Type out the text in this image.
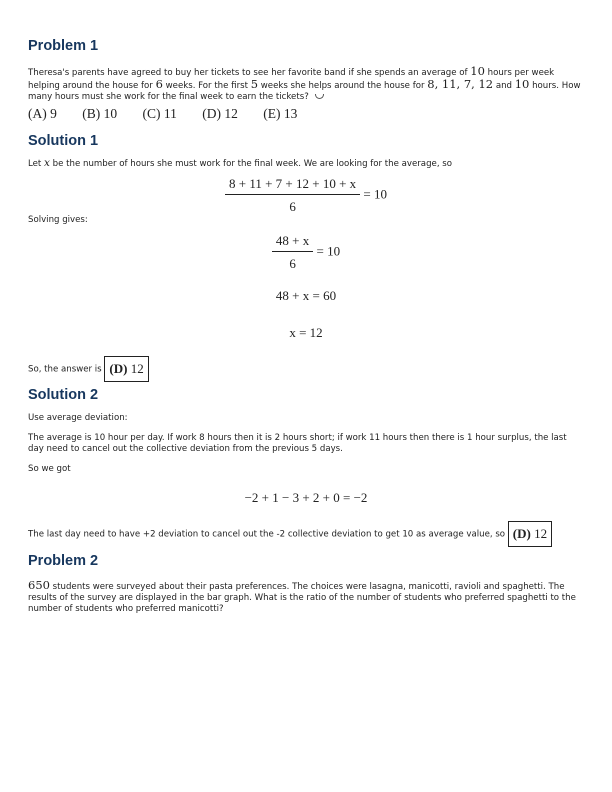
Problem 1
Theresa's parents have agreed to buy her tickets to see her favorite band if she spends an average of 10 hours per week helping around the house for 6 weeks. For the first 5 weeks she helps around the house for 8, 11, 7, 12 and 10 hours. How many hours must she work for the final week to earn the tickets?
(A) 9 (B) 10 (C) 11 (D) 12 (E) 13
Solution 1
Let x be the number of hours she must work for the final week. We are looking for the average, so
$\frac{8 + 11 + 7 + 12 + 10 + x}{6} = 10$
Solving gives:
$\frac{48 + x}{6} = 10$
48 + x = 60
x = 12
So, the answer is (D) 12
Solution 2
Use average deviation:
The average is 10 hour per day. If work 8 hours then it is 2 hours short; if work 11 hours then there is 1 hour surplus, the last day need to cancel out the collective deviation from the previous 5 days.
So we got
−2 + 1 − 3 + 2 + 0 = −2
The last day need to have +2 deviation to cancel out the -2 collective deviation to get 10 as average value, so (D) 12
Problem 2
650 students were surveyed about their pasta preferences. The choices were lasagna, manicotti, ravioli and spaghetti. The results of the survey are displayed in the bar graph. What is the ratio of the number of students who preferred spaghetti to the number of students who preferred manicotti?
